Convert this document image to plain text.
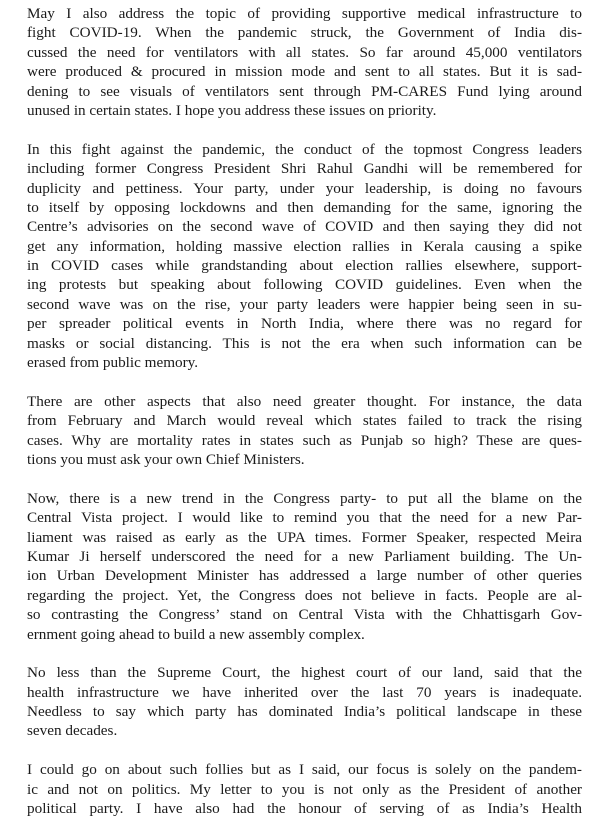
May I also address the topic of providing supportive medical infrastructure to
fight COVID-19. When the pandemic struck, the Government of India dis-
cussed the need for ventilators with all states. So far around 45,000 ventilators
were produced & procured in mission mode and sent to all states. But it is sad-
dening to see visuals of ventilators sent through PM-CARES Fund lying around
unused in certain states. I hope you address these issues on priority.
In this fight against the pandemic, the conduct of the topmost Congress leaders
including former Congress President Shri Rahul Gandhi will be remembered for
duplicity and pettiness. Your party, under your leadership, is doing no favours
to itself by opposing lockdowns and then demanding for the same, ignoring the
Centre’s advisories on the second wave of COVID and then saying they did not
get any information, holding massive election rallies in Kerala causing a spike
in COVID cases while grandstanding about election rallies elsewhere, support-
ing protests but speaking about following COVID guidelines. Even when the
second wave was on the rise, your party leaders were happier being seen in su-
per spreader political events in North India, where there was no regard for
masks or social distancing. This is not the era when such information can be
erased from public memory.
There are other aspects that also need greater thought. For instance, the data
from February and March would reveal which states failed to track the rising
cases. Why are mortality rates in states such as Punjab so high? These are ques-
tions you must ask your own Chief Ministers.
Now, there is a new trend in the Congress party- to put all the blame on the
Central Vista project. I would like to remind you that the need for a new Par-
liament was raised as early as the UPA times. Former Speaker, respected Meira
Kumar Ji herself underscored the need for a new Parliament building. The Un-
ion Urban Development Minister has addressed a large number of other queries
regarding the project. Yet, the Congress does not believe in facts. People are al-
so contrasting the Congress’ stand on Central Vista with the Chhattisgarh Gov-
ernment going ahead to build a new assembly complex.
No less than the Supreme Court, the highest court of our land, said that the
health infrastructure we have inherited over the last 70 years is inadequate.
Needless to say which party has dominated India’s political landscape in these
seven decades.
I could go on about such follies but as I said, our focus is solely on the pandem-
ic and not on politics. My letter to you is not only as the President of another
political party. I have also had the honour of serving of as India’s Health
